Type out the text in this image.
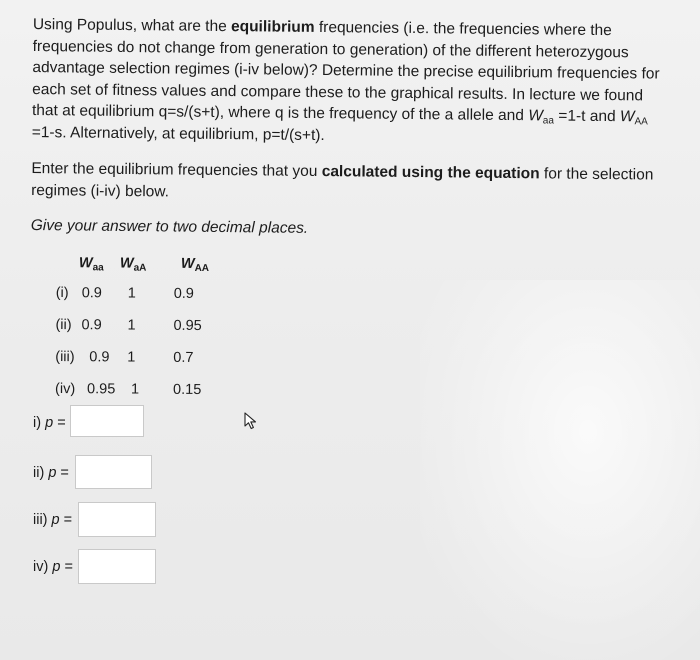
Using Populus, what are the equilibrium frequencies (i.e. the frequencies where the frequencies do not change from generation to generation) of the different heterozygous advantage selection regimes (i-iv below)? Determine the precise equilibrium frequencies for each set of fitness values and compare these to the graphical results. In lecture we found that at equilibrium q=s/(s+t), where q is the frequency of the a allele and $W_{aa} =1-t$ and $W_{AA} =1-s$. Alternatively, at equilibrium, p=t/(s+t).

Enter the equilibrium frequencies that you calculated using the equation for the selection regimes (i-iv) below.

Give your answer to two decimal places.

$W_{aa}$ $W_{aA}$ $W_{AA}$
(i) 0.9 1	0.9
(ii) 0.9 1	0.95
(iii) 0.9 1	0.7
(iv) 0.95 1 0.15
i) p =
ii) p =
iii) p =
iv) p =
